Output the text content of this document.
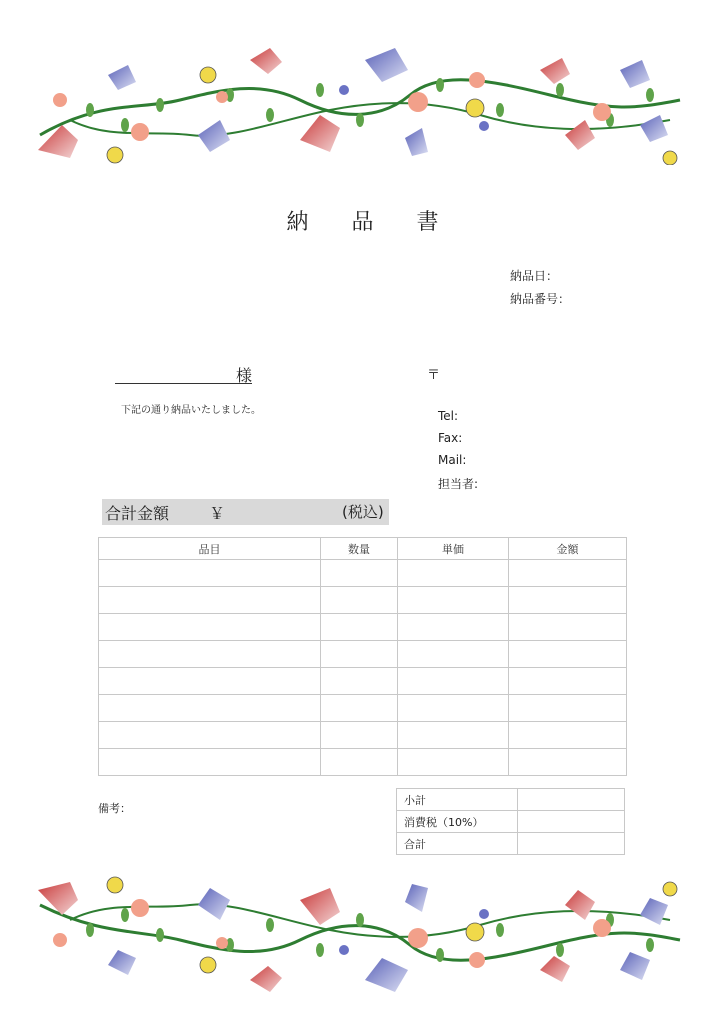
納 品 書
納品日：
納品番号：
様
下記の通り納品いたしました。
〒
Tel:
Fax:
Mail:
担当者:
合計金額 ￥	(税込)
品目	数量	単価	金額

備考：
小計	
消費税（10%）	
合計	
